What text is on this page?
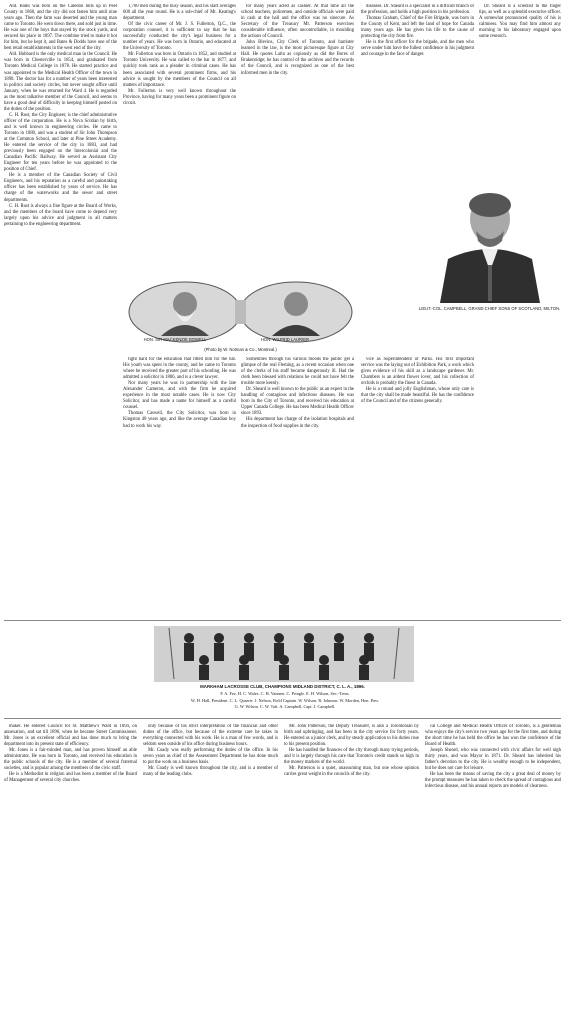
Ald. Bates was born on the Caledon hills up in Peel County in 1860, and the city did not fasten him until nine years ago. Then the farm was deserted and the young man came to Toronto. He went down there, and sold just in time. He was one of the boys that stayed by the stock yards, and secured his place in 1897. The combine tried to make it hot for him, but he kept it, and Bates & Dodds have one of the best retail establishments in the west end of the city.

Ald. Hubbard is the only medical man in the Council. He was born in Chesterville in 1854, and graduated from Toronto Medical College in 1878. He started practice and was appointed to the Medical Health Officer of the town in 1890. The doctor has for a number of years been interested in politics and society circles, but never sought office until January, when he was returned for Ward 4. He is regarded as the most talkative member of the Council, and seems to have a good deal of difficulty in keeping himself posted on the duties of the position.

C. H. Rust, the City Engineer, is the chief administrative officer of the corporation. He is a Nova Scotian by birth, and is well known in engineering circles. He came to Toronto in 1880, and was a student of Sir John Thompson at the Common School, and later at Pine Street Academy. He entered the service of the city in 1883, and had previously been engaged on the Intercolonial and the Canadian Pacific Railway. He served as Assistant City Engineer for ten years before he was appointed to the position of Chief.

He is a member of the Canadian Society of Civil Engineers, and his reputation as a careful and painstaking officer has been established by years of service. He has charge of the waterworks and the sewer and street departments.

C. H. Rust is always a fine figure at the Board of Works, and the members of the board have come to depend very largely upon his advice and judgment in all matters pertaining to the engineering department.

1,700 men during the busy season, and his staff averages 600 all the year round. He is a sub-chief of Mr. Keating's department.

Of the civic career of Mr. J. S. Fullerton, Q.C., the corporation counsel, it is sufficient to say that he has successfully conducted the city's legal business for a number of years. He was born in Ontario, and educated at the University of Toronto.

Mr. Fullerton was born in Ontario in 1852, and studied at Toronto University. He was called to the bar in 1877, and quickly took rank as a pleader in criminal cases. He has been associated with several prominent firms, and his advice is sought by the members of the Council on all matters of importance.

Mr. Fullerton is very well known throughout the Province, having for many years been a prominent figure on circuit.

for many years acted as cashier. At that time all the school teachers, policemen, and outside officials were paid in cash at the hall and the office was no sinecure. As Secretary of the Treasury Mr. Patterson exercises considerable influence, often uncontrollable, in moulding the actions of Council.

John Blevins, City Clerk of Toronto, and barrister learned in the law, is the most picturesque figure at City Hall. He quotes Latin as copiously as did the Bores of Brakenridge; he has control of the archives and the records of the Council, and is recognized as one of the best informed men in the city.

diseases. Dr. Sheard is a specialist in a difficult branch of the profession, and holds a high position in his profession.

Thomas Graham, Chief of the Fire Brigade, was born in the County of Kent, and left the land of hope for Canada many years ago. He has given his life to the cause of protecting the city from fire.

He is the first officer for the brigade, and the men who serve under him have the fullest confidence in his judgment and courage in the face of danger.

Dr. Sheard is a scientist to the finger tips, as well as a splendid executive officer. A somewhat pronounced quality of his is calmness. You may find him almost any morning in his laboratory engaged upon some research.

HON. SIR MACKENZIE BOWELL	HON. WILFRID LAURIER
(Photo by W. Notman & Co., Montreal.)
LIEUT.-COL. CAMPBELL, GRAND CHIEF SONS OF SCOTLAND, MILTON.

fight hard for the education that fitted him for the bar. His youth was spent in the county, and he came to Toronto where he received the greater part of his schooling. He was admitted a solicitor in 1886, and is a clever lawyer.

Nor many years he was in partnership with the late Alexander Cameron, and with the firm he acquired experience in the most notable cases. He is now City Solicitor, and has made a name for himself as a careful counsel.

Thomas Caswell, the City Solicitor, was born in Kingston 48 years ago, and like the average Canadian boy had to work his way.

Sometimes through his various moods the public get a glimpse of the real Fleming, as a recent occasion when one of the clerks of his staff became dangerously ill. Had the clerk been blessed with relations he could not have felt the trouble more keenly.

Dr. Sheard is well known to the public as an expert in the handling of contagious and infectious diseases. He was born in the City of Toronto, and received his education at Upper Canada College. He has been Medical Health Officer since 1893.

His department has charge of the isolation hospitals and the inspection of food supplies in the city.

vice as Superintendent of Parks. His first important service was the laying out of Exhibition Park, a work which gives evidence of his skill as a landscape gardener. Mr. Chambers is an ardent flower lover, and his collection of orchids is probably the finest in Canada.

He is a rotund and jolly Englishman, whose only care is that the city shall be made beautiful. He has the confidence of the Council and of the citizens generally.

MARKHAM LACROSSE CLUB, CHAMPIONS MIDLAND DISTRICT, C. L. A., 1896.
F. A. Fez. H. C. Wales. C. H. Vannest. C. Pringle. E. H. Wilson, Sec.-Treas.
W. H. Hall, President. C. L. Quarrie. J. Nelson, Field Captain. W. Wilson. R. Johnson. W. Morden, Hon. Pres.
G. W. Wilson. C. W. Taft. A. Campbell, Capt. J. Campbell.

maker. He entered Council for St. Matthew's Ward in 1894, on annexation, and sat till 1896, when he became Street Commissioner. Mr. Jones is an excellent official and has done much to bring the department into its present state of efficiency.

Mr. Jones is a fair-minded man, and has proven himself an able administrator. He was born in Toronto, and received his education in the public schools of the city. He is a member of several fraternal societies, and is popular among the members of the civic staff.

He is a Methodist in religion and has been a member of the Board of Management of several city churches.

only because of his strict interpretation of the financial and other duties of the office, but because of the extreme care he takes in everything connected with his work. He is a man of few words, and is seldom seen outside of his office during business hours.

Mr. Coady was really performing the duties of the office. In his seven years as chief of the Assessment Department he has done much to put the work on a business basis.

Mr. Coady is well known throughout the city, and is a member of many of the leading clubs.

Mr. John Patterson, the Deputy Treasurer, is also a Torontonian by birth and upbringing, and has been in the city service for forty years. He entered as a junior clerk, and by steady application to his duties rose to his present position.

He has handled the finances of the city through many trying periods, and it is largely through his care that Toronto's credit stands so high in the money markets of the world.

Mr. Patterson is a quiet, unassuming man, but one whose opinion carries great weight in the councils of the city.

cal College and Medical Health Officer of Toronto, is a gentleman who enjoys the city's service two years ago for the first time, and during the short time he has held the office he has won the confidence of the Board of Health.

Joseph Sheard, who was connected with civic affairs for well nigh thirty years, and was Mayor in 1871. Dr. Sheard has inherited his father's devotion to the city. He is wealthy enough to be independent, but he does not care for leisure.

He has been the means of saving the city a great deal of money by the prompt measures he has taken to check the spread of contagious and infectious disease, and his annual reports are models of clearness.
